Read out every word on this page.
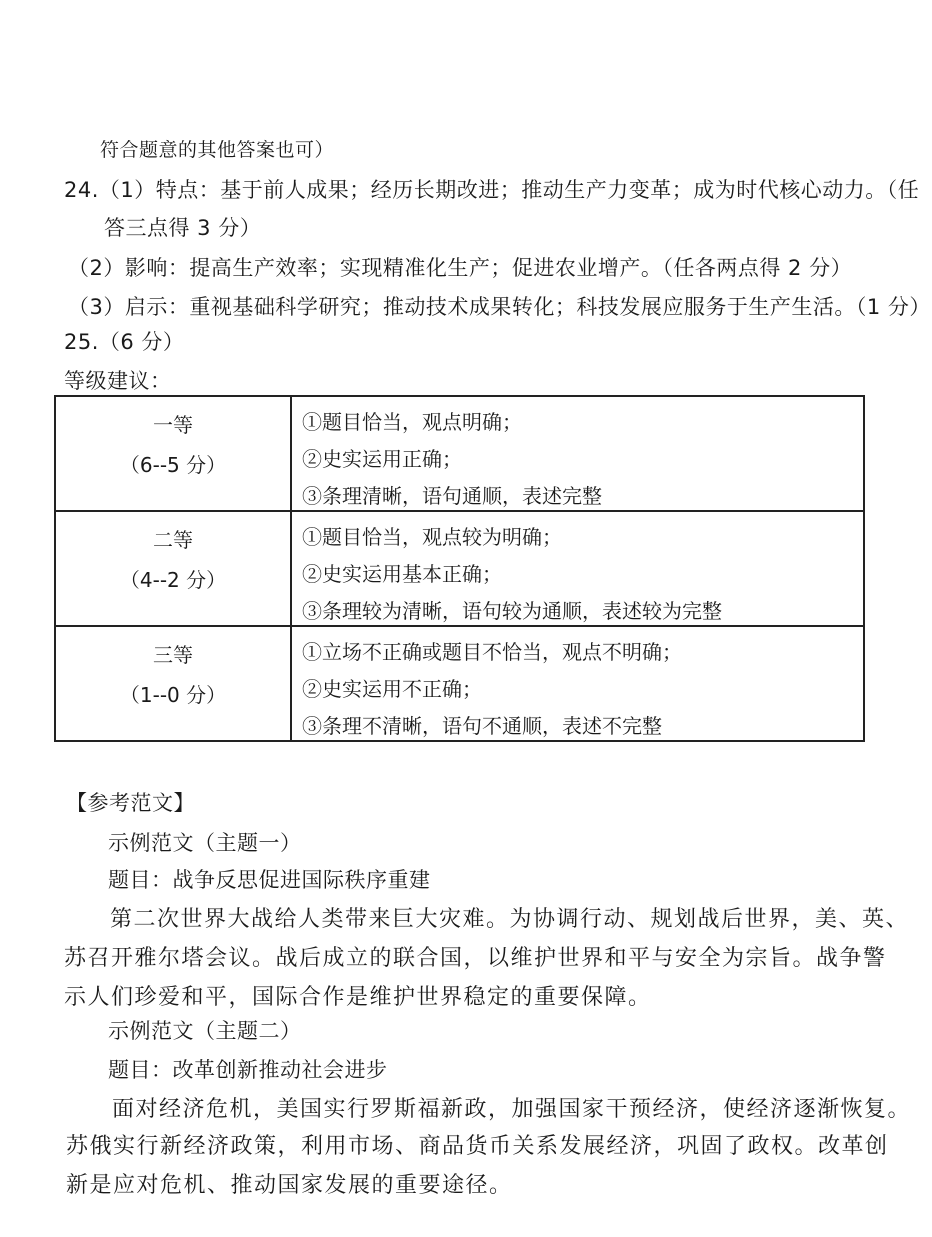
符合题意的其他答案也可）
24.（1）特点：基于前人成果；经历长期改进；推动生产力变革；成为时代核心动力。（任
答三点得 3 分）
（2）影响：提高生产效率；实现精准化生产；促进农业增产。（任各两点得 2 分）
（3）启示：重视基础科学研究；推动技术成果转化；科技发展应服务于生产生活。（1 分）
25.（6 分）
等级建议：
一等
（6--5 分）	①题目恰当，观点明确；
②史实运用正确；
③条理清晰，语句通顺，表述完整

二等
（4--2 分）	①题目恰当，观点较为明确；
②史实运用基本正确；
③条理较为清晰，语句较为通顺，表述较为完整

三等
（1--0 分）	①立场不正确或题目不恰当，观点不明确；
②史实运用不正确；
③条理不清晰，语句不通顺，表述不完整
【参考范文】
示例范文（主题一）
题目：战争反思促进国际秩序重建
第二次世界大战给人类带来巨大灾难。为协调行动、规划战后世界，美、英、
苏召开雅尔塔会议。战后成立的联合国，以维护世界和平与安全为宗旨。战争警
示人们珍爱和平，国际合作是维护世界稳定的重要保障。
示例范文（主题二）
题目：改革创新推动社会进步
面对经济危机，美国实行罗斯福新政，加强国家干预经济，使经济逐渐恢复。
苏俄实行新经济政策，利用市场、商品货币关系发展经济，巩固了政权。改革创
新是应对危机、推动国家发展的重要途径。
